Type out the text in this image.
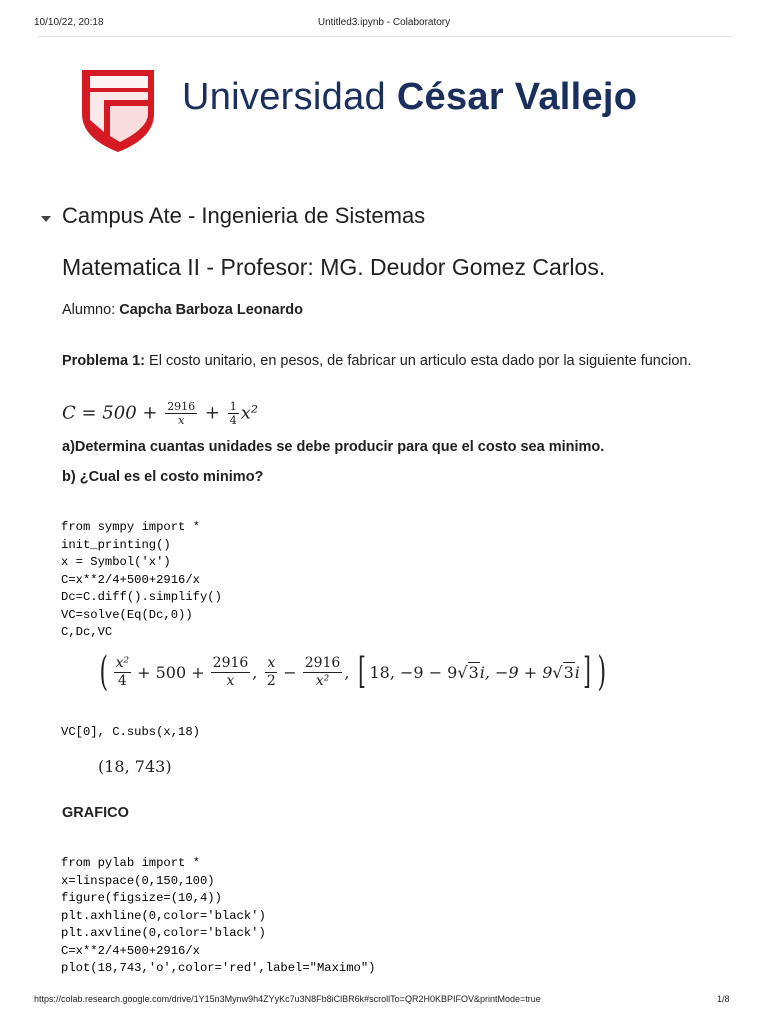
10/10/22, 20:18	Untitled3.ipynb - Colaboratory
Universidad César Vallejo
Campus Ate - Ingenieria de Sistemas
Matematica II - Profesor: MG. Deudor Gomez Carlos.
Alumno: Capcha Barboza Leonardo
Problema 1: El costo unitario, en pesos, de fabricar un articulo esta dado por la siguiente funcion.
$C = 500 + \frac{2916}{x} + \frac{1}{4} x^2$
a)Determina cuantas unidades se debe producir para que el costo sea minimo.
b) ¿Cual es el costo minimo?
from sympy import *
init_printing()
x = Symbol('x')
C=x**2/4+500+2916/x
Dc=C.diff().simplify()
VC=solve(Eq(Dc,0))
C,Dc,VC
( $\frac{\text{x²}}{4} + 500 + \frac{2916}{x}$ , $\frac{x}{2} - \frac{2916}{\text{x²}}$ , [ 18, −9 − 9 √ 3 i, −9 + 9 √ 3 i ] )
VC[0], C.subs(x,18)
(18, 743)
GRAFICO
from pylab import *
x=linspace(0,150,100)
figure(figsize=(10,4))
plt.axhline(0,color='black')
plt.axvline(0,color='black')
C=x**2/4+500+2916/x
plot(18,743,'o',color='red',label="Maximo")
https://colab.research.google.com/drive/1Y15n3Mynw9h4ZYyKc7u3N8Fb8iClBR6k#scrollTo=QR2H0KBPIFOV&printMode=true	1/8
